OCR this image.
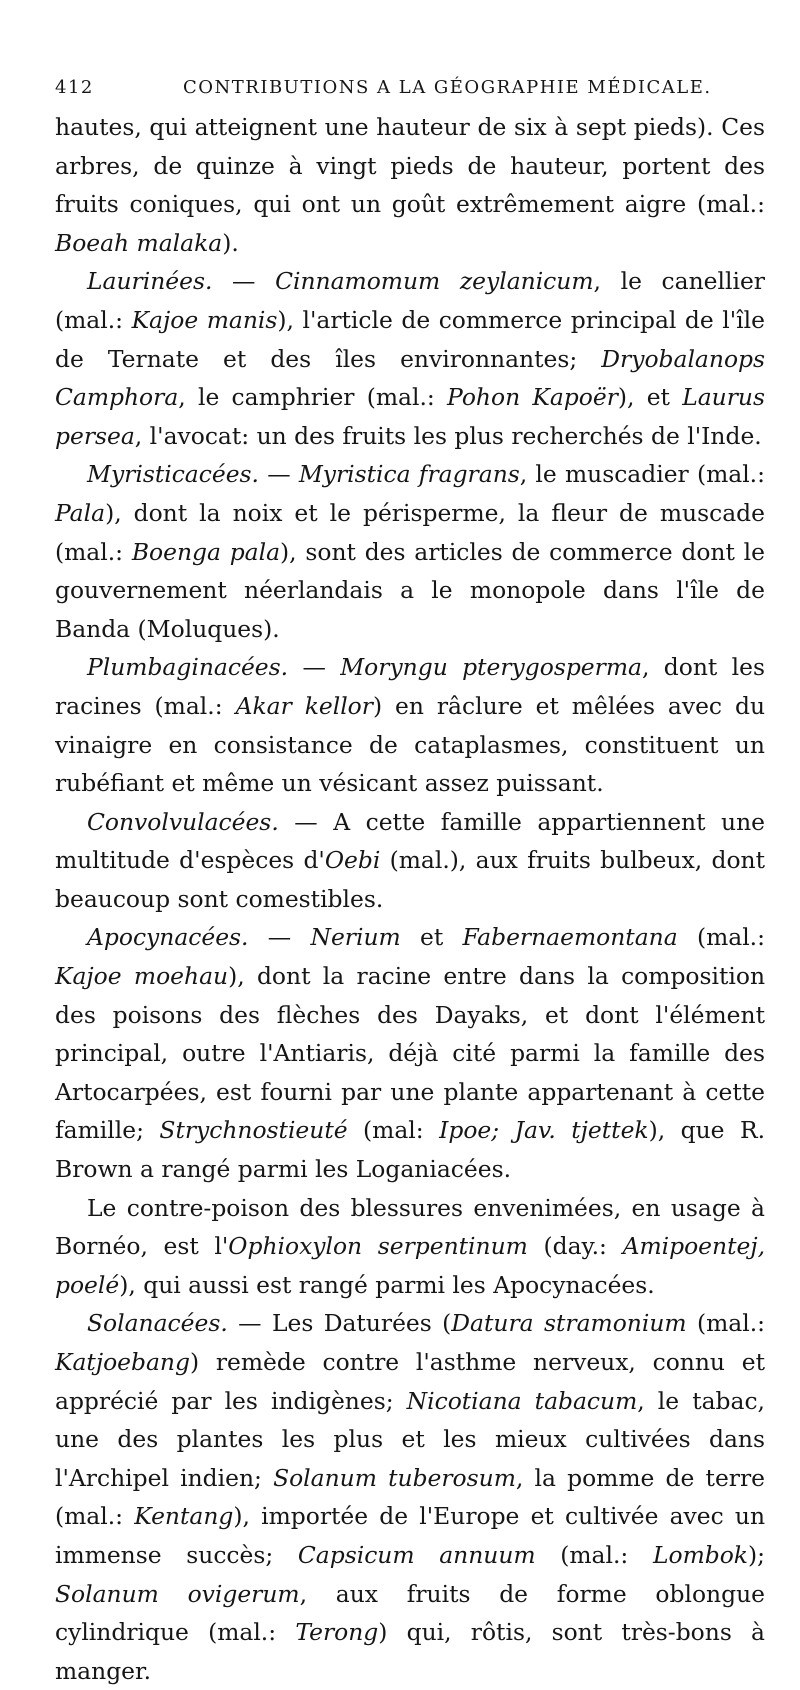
412	CONTRIBUTIONS A LA GÉOGRAPHIE MÉDICALE.

hautes, qui atteignent une hauteur de six à sept pieds). Ces arbres, de quinze à vingt pieds de hauteur, portent des fruits coniques, qui ont un goût extrêmement aigre (mal.: Boeah malaka).

Laurinées. — Cinnamomum zeylanicum, le canellier (mal.: Kajoe manis), l'article de commerce principal de l'île de Ternate et des îles environnantes; Dryobalanops Camphora, le camphrier (mal.: Pohon Kapoër), et Laurus persea, l'avocat: un des fruits les plus recherchés de l'Inde.

Myristicacées. — Myristica fragrans, le muscadier (mal.: Pala), dont la noix et le périsperme, la fleur de muscade (mal.: Boenga pala), sont des articles de commerce dont le gouvernement néerlandais a le monopole dans l'île de Banda (Moluques).

Plumbaginacées. — Moryngu pterygosperma, dont les racines (mal.: Akar kellor) en râclure et mêlées avec du vinaigre en consistance de cataplasmes, constituent un rubéfiant et même un vésicant assez puissant.

Convolvulacées. — A cette famille appartiennent une multitude d'espèces d'Oebi (mal.), aux fruits bulbeux, dont beaucoup sont comestibles.

Apocynacées. — Nerium et Fabernaemontana (mal.: Kajoe moehau), dont la racine entre dans la composition des poisons des flèches des Dayaks, et dont l'élément principal, outre l'Antiaris, déjà cité parmi la famille des Artocarpées, est fourni par une plante appartenant à cette famille; Strychnostieuté (mal: Ipoe; Jav. tjettek), que R. Brown a rangé parmi les Loganiacées.

Le contre-poison des blessures envenimées, en usage à Bornéo, est l'Ophioxylon serpentinum (day.: Amipoentej, poelé), qui aussi est rangé parmi les Apocynacées.

Solanacées. — Les Daturées (Datura stramonium (mal.: Katjoebang) remède contre l'asthme nerveux, connu et apprécié par les indigènes; Nicotiana tabacum, le tabac, une des plantes les plus et les mieux cultivées dans l'Archipel indien; Solanum tuberosum, la pomme de terre (mal.: Kentang), importée de l'Europe et cultivée avec un immense succès; Capsicum annuum (mal.: Lombok); Solanum ovigerum, aux fruits de forme oblongue cylindrique (mal.: Terong) qui, rôtis, sont très-bons à manger.
